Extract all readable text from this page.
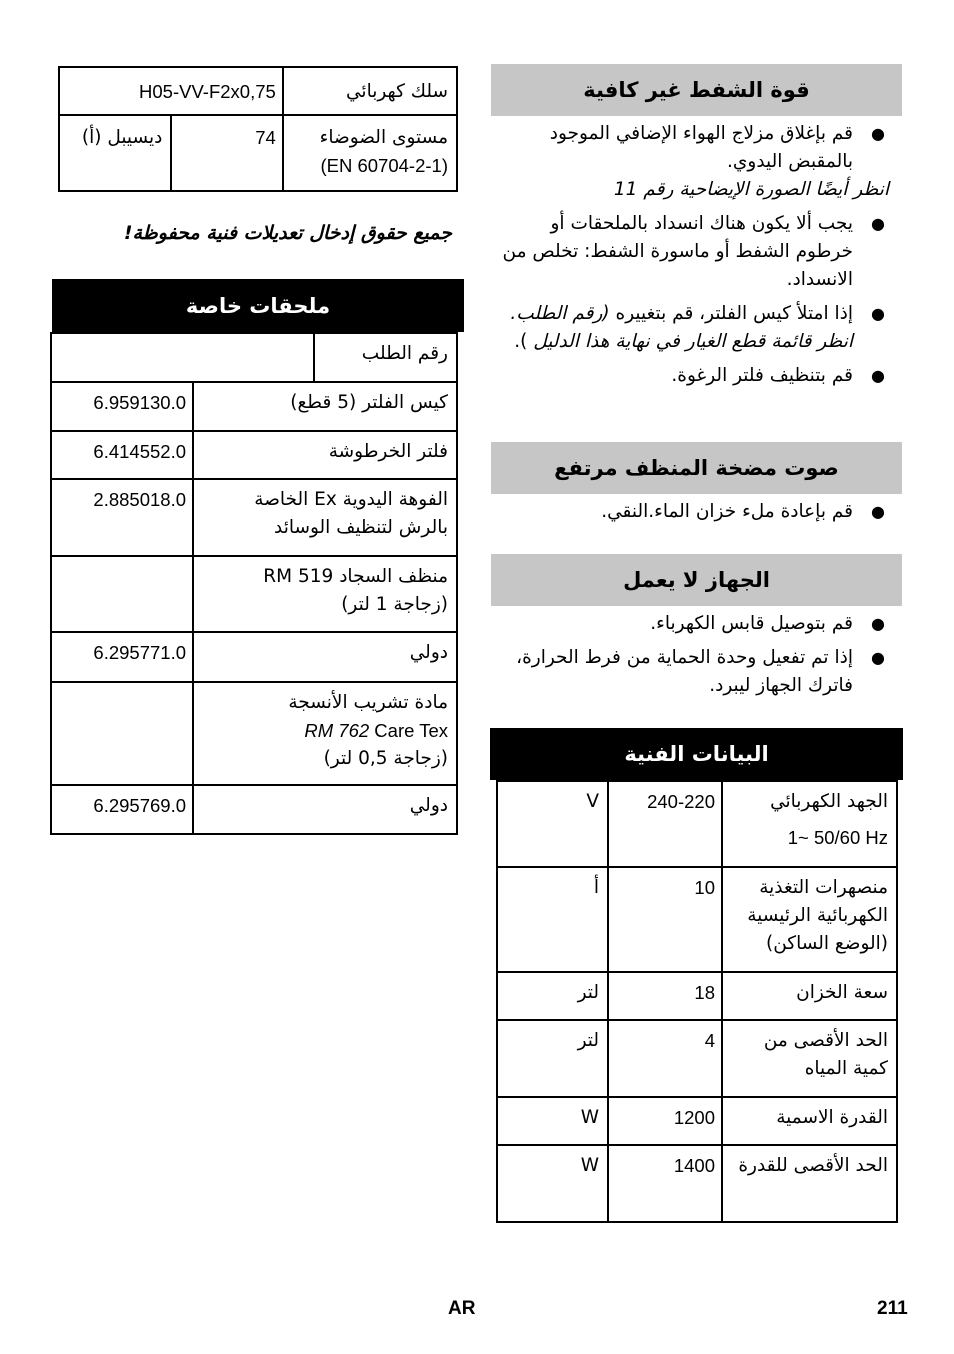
H05-VV-F2x0,75		سلك كهربائي
ديسيبل (أ)	74	مستوى الضوضاء
(EN 60704-2-1)
جميع حقوق إدخال تعديلات فنية محفوظة!
ملحقات خاصة
	رقم الطلب
6.959130.0	كيس الفلتر (5 قطع)
6.414552.0	فلتر الخرطوشة
2.885018.0	الفوهة اليدوية Ex الخاصة
بالرش لتنظيف الوسائد

	منظف السجاد RM 519
(زجاجة 1 لتر)

6.295771.0	دولي

	مادة تشريب الأنسجة
RM 762 Care Tex
(زجاجة 0,5 لتر)

6.295769.0	دولي
قوة الشفط غير كافية
●
قم بإغلاق مزلاج الهواء الإضافي الموجود بالمقبض اليدوي.
انظر أيضًا الصورة الإيضاحية رقم 11
●
يجب ألا يكون هناك انسداد بالملحقات أو خرطوم الشفط أو ماسورة الشفط: تخلص من الانسداد.
●
إذا امتلأ كيس الفلتر، قم بتغييره (رقم الطلب. انظر قائمة قطع الغيار في نهاية هذا الدليل ).
●
قم بتنظيف فلتر الرغوة.
صوت مضخة المنظف مرتفع
●
قم بإعادة ملء خزان الماء.النقي.
الجهاز لا يعمل
●
قم بتوصيل قابس الكهرباء.
●
إذا تم تفعيل وحدة الحماية من فرط الحرارة، فاترك الجهاز ليبرد.
البيانات الفنية
V	240-220	الجهد الكهربائي
1~ 50/60 Hz

أ	10	منصهرات التغذية الكهربائية الرئيسية (الوضع الساكن)
لتر	18	سعة الخزان
لتر	4	الحد الأقصى من كمية المياه
W	1200	القدرة الاسمية
W	1400	الحد الأقصى للقدرة
AR	211
